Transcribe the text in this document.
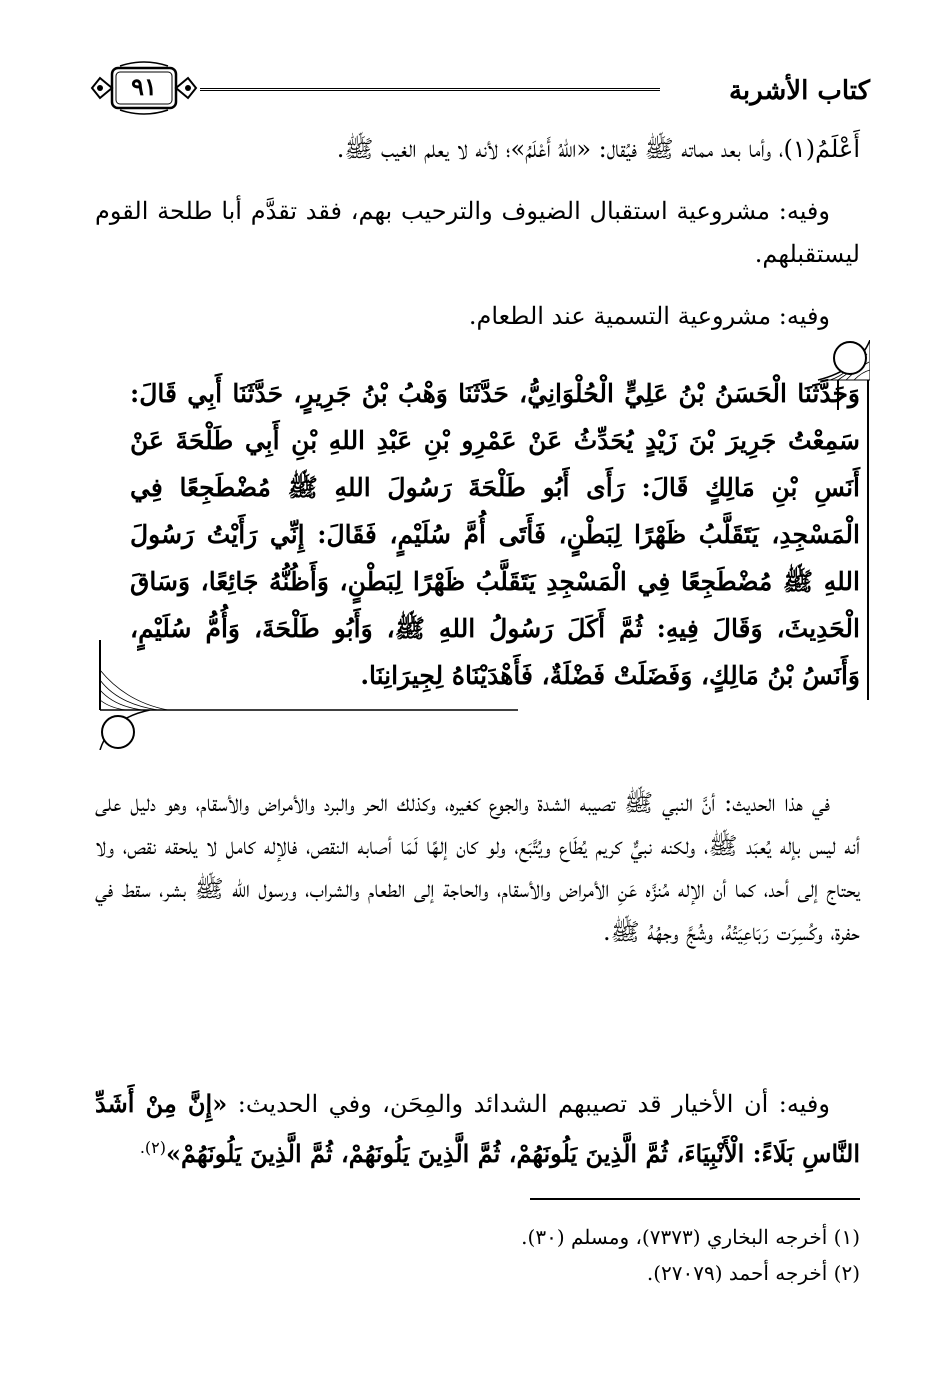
كتاب الأشربة
٩١
أَعْلَمُ(١)، وأما بعد مماته ﷺ فيُقال: «اللهُ أَعْلَمُ»؛ لأنه لا يعلم الغيب ﷺ.
وفيه: مشروعية استقبال الضيوف والترحيب بهم، فقد تقدَّم أبا طلحة القوم ليستقبلهم.
وفيه: مشروعية التسمية عند الطعام.
وَحَدَّثَنَا الْحَسَنُ بْنُ عَلِيٍّ الْحُلْوَانِيُّ، حَدَّثَنَا وَهْبُ بْنُ جَرِيرٍ، حَدَّثَنَا أَبِي قَالَ: سَمِعْتُ جَرِيرَ بْنَ زَيْدٍ يُحَدِّثُ عَنْ عَمْرِو بْنِ عَبْدِ اللهِ بْنِ أَبِي طَلْحَةَ عَنْ أَنَسِ بْنِ مَالِكٍ قَالَ: رَأَى أَبُو طَلْحَةَ رَسُولَ اللهِ ﷺ مُضْطَجِعًا فِي الْمَسْجِدِ، يَتَقَلَّبُ ظَهْرًا لِبَطْنٍ، فَأَتَى أُمَّ سُلَيْمٍ، فَقَالَ: إِنِّي رَأَيْتُ رَسُولَ اللهِ ﷺ مُضْطَجِعًا فِي الْمَسْجِدِ يَتَقَلَّبُ ظَهْرًا لِبَطْنٍ، وَأَظُنُّهُ جَائِعًا، وَسَاقَ الْحَدِيثَ، وَقَالَ فِيهِ: ثُمَّ أَكَلَ رَسُولُ اللهِ ﷺ، وَأَبُو طَلْحَةَ، وَأُمُّ سُلَيْمٍ، وَأَنَسُ بْنُ مَالِكٍ، وَفَضَلَتْ فَضْلَةٌ، فَأَهْدَيْنَاهُ لِجِيرَانِنَا.
في هذا الحديث: أنَّ النبي ﷺ تصيبه الشدة والجوع كغيره، وكذلك الحر والبرد والأمراض والأسقام، وهو دليل على أنه ليس بإله يُعبَد ﷺ، ولكنه نبيٌّ كريم يُطَاع ويُتَّبَع، ولو كان إلهًا لَمَا أصابه النقص، فالإله كامل لا يلحقه نقص، ولا يحتاج إلى أحد، كما أن الإله مُنزَّه عَنِ الأمراض والأسقام، والحاجة إلى الطعام والشراب، ورسول الله ﷺ بشر، سقط في حفرة، وكُسِرَت رَبَاعِيَتُهُ، وشُجَّ وجهُهُ ﷺ.
وفيه: أن الأخيار قد تصيبهم الشدائد والمِحَن، وفي الحديث: «إِنَّ مِنْ أَشَدِّ النَّاسِ بَلَاءً: الْأَنْبِيَاءَ، ثُمَّ الَّذِينَ يَلُونَهُمْ، ثُمَّ الَّذِينَ يَلُونَهُمْ، ثُمَّ الَّذِينَ يَلُونَهُمْ»$^{(٢).}$
(١) أخرجه البخاري (٧٣٧٣)، ومسلم (٣٠).
(٢) أخرجه أحمد (٢٧٠٧٩).
